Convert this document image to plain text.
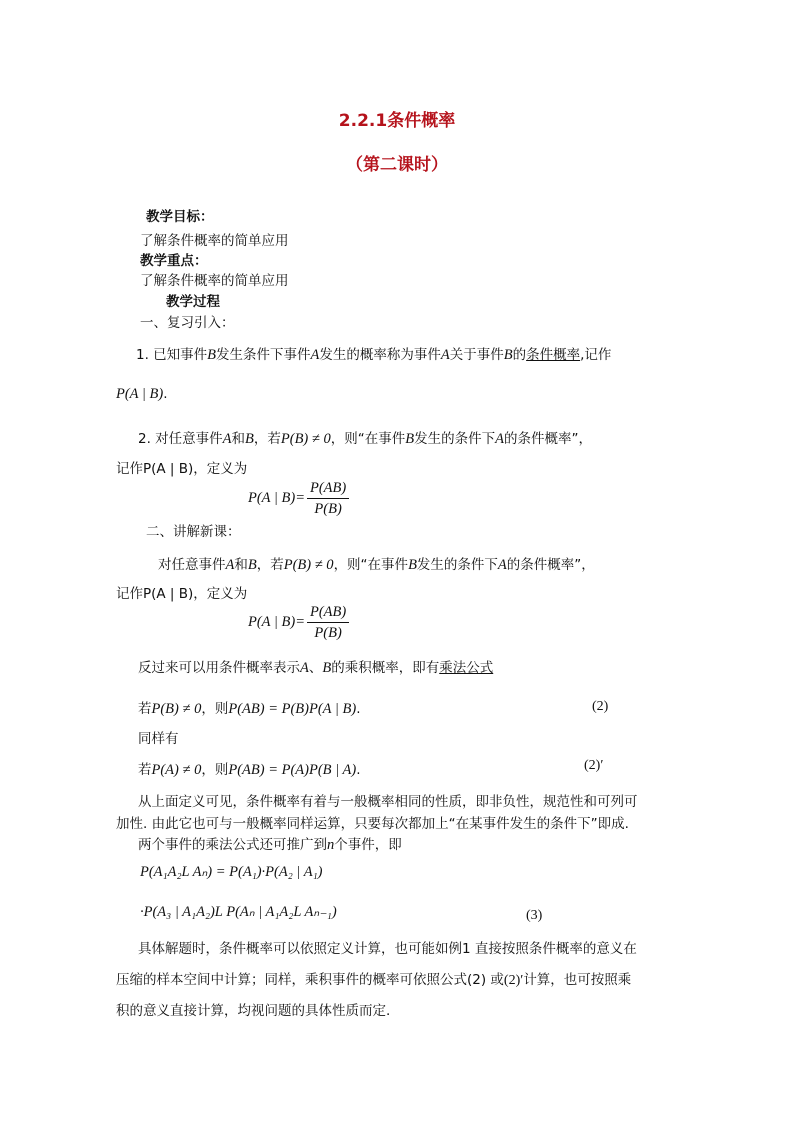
2.2.1条件概率
（第二课时）
教学目标：
了解条件概率的简单应用
教学重点：
了解条件概率的简单应用
教学过程
一、复习引入：
1. 已知事件B发生条件下事件A发生的概率称为事件A关于事件B的条件概率,记作
P(A | B).
2. 对任意事件A和B，若P(B) ≠ 0，则“在事件B发生的条件下A的条件概率”，
记作P(A | B)，定义为
P(A | $B)= \frac{P(AB)}{P(B)}$
二、讲解新课：
对任意事件A和B，若P(B) ≠ 0，则“在事件B发生的条件下A的条件概率”，
记作P(A | B)，定义为
P(A | $B)= \frac{P(AB)}{P(B)}$
反过来可以用条件概率表示A、B的乘积概率，即有乘法公式
若P(B) ≠ 0，则P(AB) = P(B)P(A | B).	(2)
同样有
若P(A) ≠ 0，则P(AB) = P(A)P(B | A).	(2)′
从上面定义可见，条件概率有着与一般概率相同的性质，即非负性，规范性和可列可
加性. 由此它也可与一般概率同样运算，只要每次都加上“在某事件发生的条件下”即成.
两个事件的乘法公式还可推广到n个事件，即
P(A₁A₂L Aₙ) = P(A₁)·P(A₂ | A₁)
·P(A₃ | A₁A₂)L P(Aₙ | A₁A₂L Aₙ₋₁)	(3)
具体解题时，条件概率可以依照定义计算，也可能如例1 直接按照条件概率的意义在
压缩的样本空间中计算；同样，乘积事件的概率可依照公式(2) 或(2)′计算，也可按照乘
积的意义直接计算，均视问题的具体性质而定.
